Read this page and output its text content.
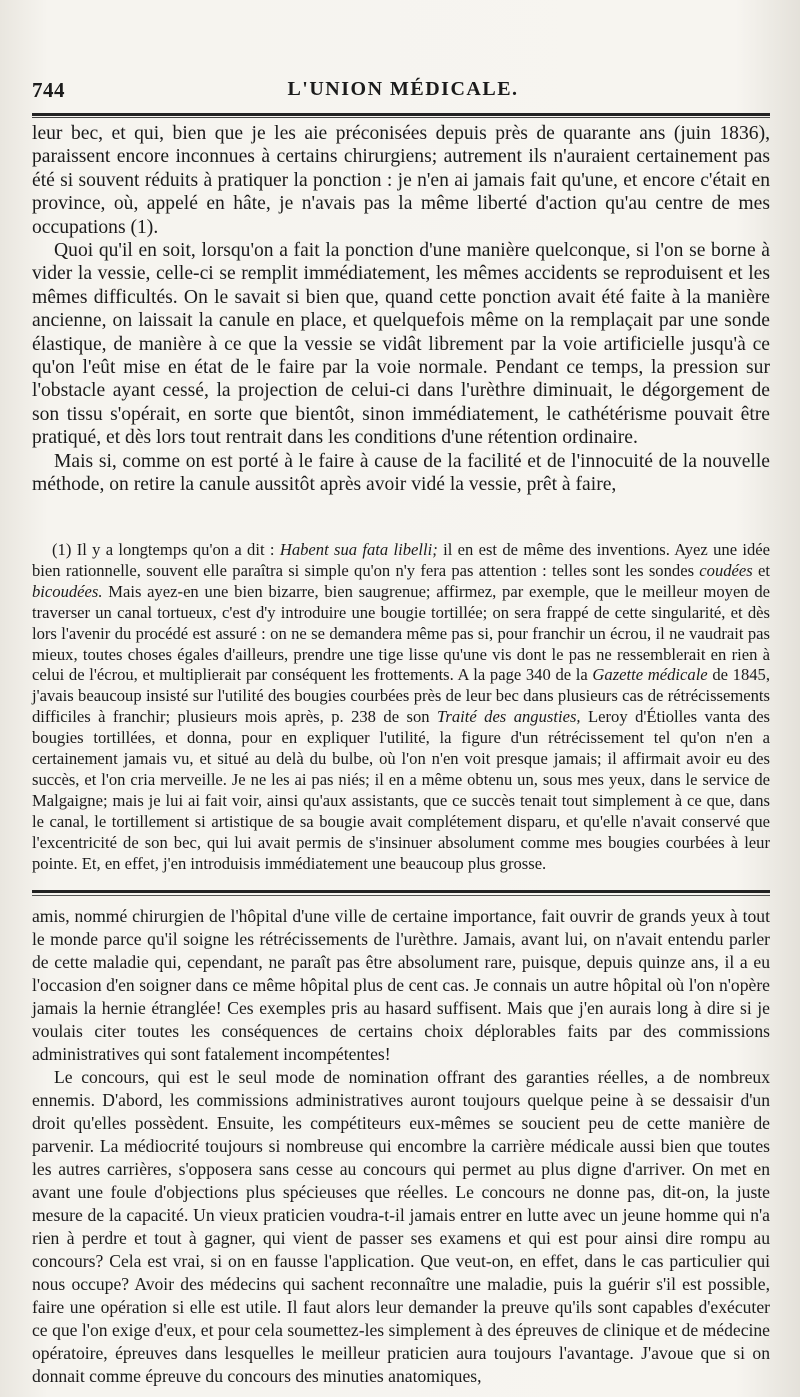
744	L'UNION MÉDICALE.

leur bec, et qui, bien que je les aie préconisées depuis près de quarante ans (juin 1836), paraissent encore inconnues à certains chirurgiens; autrement ils n'auraient certainement pas été si souvent réduits à pratiquer la ponction : je n'en ai jamais fait qu'une, et encore c'était en province, où, appelé en hâte, je n'avais pas la même liberté d'action qu'au centre de mes occupations (1).

Quoi qu'il en soit, lorsqu'on a fait la ponction d'une manière quelconque, si l'on se borne à vider la vessie, celle-ci se remplit immédiatement, les mêmes accidents se reproduisent et les mêmes difficultés. On le savait si bien que, quand cette ponction avait été faite à la manière ancienne, on laissait la canule en place, et quelquefois même on la remplaçait par une sonde élastique, de manière à ce que la vessie se vidât librement par la voie artificielle jusqu'à ce qu'on l'eût mise en état de le faire par la voie normale. Pendant ce temps, la pression sur l'obstacle ayant cessé, la projection de celui-ci dans l'urèthre diminuait, le dégorgement de son tissu s'opérait, en sorte que bientôt, sinon immédiatement, le cathétérisme pouvait être pratiqué, et dès lors tout rentrait dans les conditions d'une rétention ordinaire.

Mais si, comme on est porté à le faire à cause de la facilité et de l'innocuité de la nouvelle méthode, on retire la canule aussitôt après avoir vidé la vessie, prêt à faire,

(1) Il y a longtemps qu'on a dit : Habent sua fata libelli; il en est de même des inventions. Ayez une idée bien rationnelle, souvent elle paraîtra si simple qu'on n'y fera pas attention : telles sont les sondes coudées et bicoudées. Mais ayez-en une bien bizarre, bien saugrenue; affirmez, par exemple, que le meilleur moyen de traverser un canal tortueux, c'est d'y introduire une bougie tortillée; on sera frappé de cette singularité, et dès lors l'avenir du procédé est assuré : on ne se demandera même pas si, pour franchir un écrou, il ne vaudrait pas mieux, toutes choses égales d'ailleurs, prendre une tige lisse qu'une vis dont le pas ne ressemblerait en rien à celui de l'écrou, et multiplierait par conséquent les frottements. A la page 340 de la Gazette médicale de 1845, j'avais beaucoup insisté sur l'utilité des bougies courbées près de leur bec dans plusieurs cas de rétrécissements difficiles à franchir; plusieurs mois après, p. 238 de son Traité des angusties, Leroy d'Étiolles vanta des bougies tortillées, et donna, pour en expliquer l'utilité, la figure d'un rétrécissement tel qu'on n'en a certainement jamais vu, et situé au delà du bulbe, où l'on n'en voit presque jamais; il affirmait avoir eu des succès, et l'on cria merveille. Je ne les ai pas niés; il en a même obtenu un, sous mes yeux, dans le service de Malgaigne; mais je lui ai fait voir, ainsi qu'aux assistants, que ce succès tenait tout simplement à ce que, dans le canal, le tortillement si artistique de sa bougie avait complétement disparu, et qu'elle n'avait conservé que l'excentricité de son bec, qui lui avait permis de s'insinuer absolument comme mes bougies courbées à leur pointe. Et, en effet, j'en introduisis immédiatement une beaucoup plus grosse.

amis, nommé chirurgien de l'hôpital d'une ville de certaine importance, fait ouvrir de grands yeux à tout le monde parce qu'il soigne les rétrécissements de l'urèthre. Jamais, avant lui, on n'avait entendu parler de cette maladie qui, cependant, ne paraît pas être absolument rare, puisque, depuis quinze ans, il a eu l'occasion d'en soigner dans ce même hôpital plus de cent cas. Je connais un autre hôpital où l'on n'opère jamais la hernie étranglée! Ces exemples pris au hasard suffisent. Mais que j'en aurais long à dire si je voulais citer toutes les conséquences de certains choix déplorables faits par des commissions administratives qui sont fatalement incompétentes!

Le concours, qui est le seul mode de nomination offrant des garanties réelles, a de nombreux ennemis. D'abord, les commissions administratives auront toujours quelque peine à se dessaisir d'un droit qu'elles possèdent. Ensuite, les compétiteurs eux-mêmes se soucient peu de cette manière de parvenir. La médiocrité toujours si nombreuse qui encombre la carrière médicale aussi bien que toutes les autres carrières, s'opposera sans cesse au concours qui permet au plus digne d'arriver. On met en avant une foule d'objections plus spécieuses que réelles. Le concours ne donne pas, dit-on, la juste mesure de la capacité. Un vieux praticien voudra-t-il jamais entrer en lutte avec un jeune homme qui n'a rien à perdre et tout à gagner, qui vient de passer ses examens et qui est pour ainsi dire rompu au concours? Cela est vrai, si on en fausse l'application. Que veut-on, en effet, dans le cas particulier qui nous occupe? Avoir des médecins qui sachent reconnaître une maladie, puis la guérir s'il est possible, faire une opération si elle est utile. Il faut alors leur demander la preuve qu'ils sont capables d'exécuter ce que l'on exige d'eux, et pour cela soumettez-les simplement à des épreuves de clinique et de médecine opératoire, épreuves dans lesquelles le meilleur praticien aura toujours l'avantage. J'avoue que si on donnait comme épreuve du concours des minuties anatomiques,
